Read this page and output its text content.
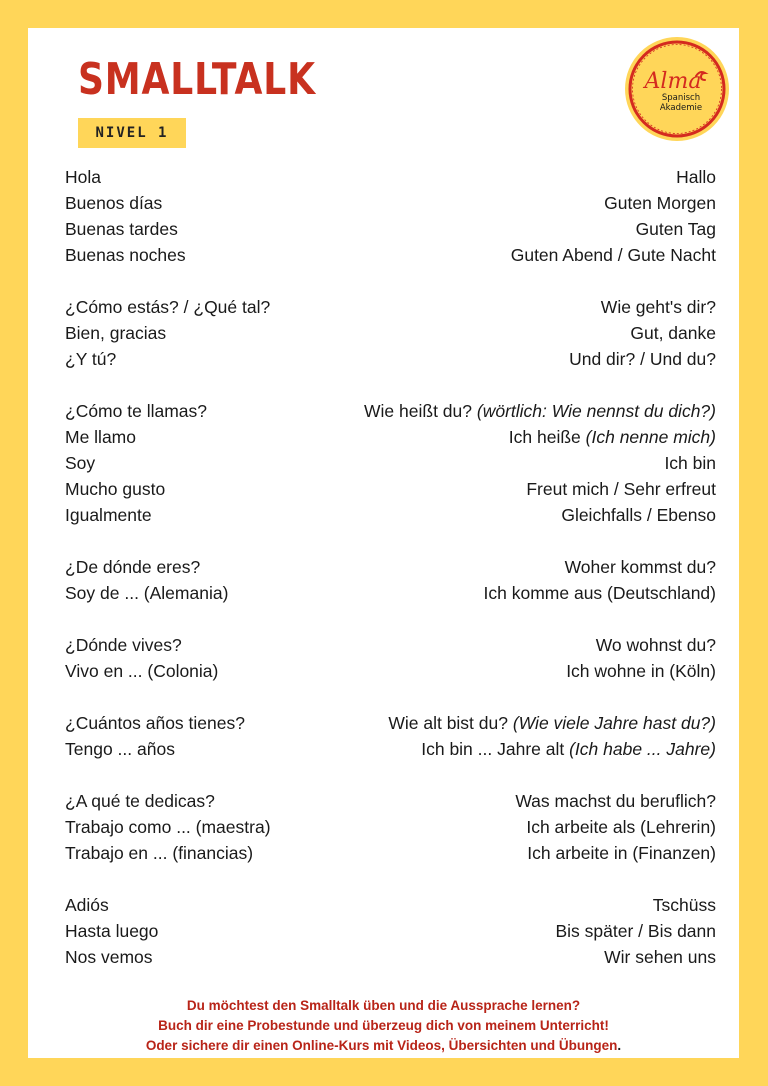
SMALLTALK
NIVEL 1
Alma
Spanisch
Akademie
Hola	Hallo
Buenos días	Guten Morgen
Buenas tardes	Guten Tag
Buenas noches	Guten Abend / Gute Nacht
¿Cómo estás? / ¿Qué tal?	Wie geht's dir?
Bien, gracias	Gut, danke
¿Y tú?	Und dir? / Und du?
¿Cómo te llamas?	Wie heißt du? (wörtlich: Wie nennst du dich?)
Me llamo	Ich heiße (Ich nenne mich)
Soy	Ich bin
Mucho gusto	Freut mich / Sehr erfreut
Igualmente	Gleichfalls / Ebenso
¿De dónde eres?	Woher kommst du?
Soy de ... (Alemania)	Ich komme aus (Deutschland)
¿Dónde vives?	Wo wohnst du?
Vivo en ... (Colonia)	Ich wohne in (Köln)
¿Cuántos años tienes?	Wie alt bist du? (Wie viele Jahre hast du?)
Tengo ... años	Ich bin ... Jahre alt (Ich habe ... Jahre)
¿A qué te dedicas?	Was machst du beruflich?
Trabajo como ... (maestra)	Ich arbeite als (Lehrerin)
Trabajo en ... (financias)	Ich arbeite in (Finanzen)
Adiós	Tschüss
Hasta luego	Bis später / Bis dann
Nos vemos	Wir sehen uns
Du möchtest den Smalltalk üben und die Aussprache lernen?
Buch dir eine Probestunde und überzeug dich von meinem Unterricht!
Oder sichere dir einen Online-Kurs mit Videos, Übersichten und Übungen.
